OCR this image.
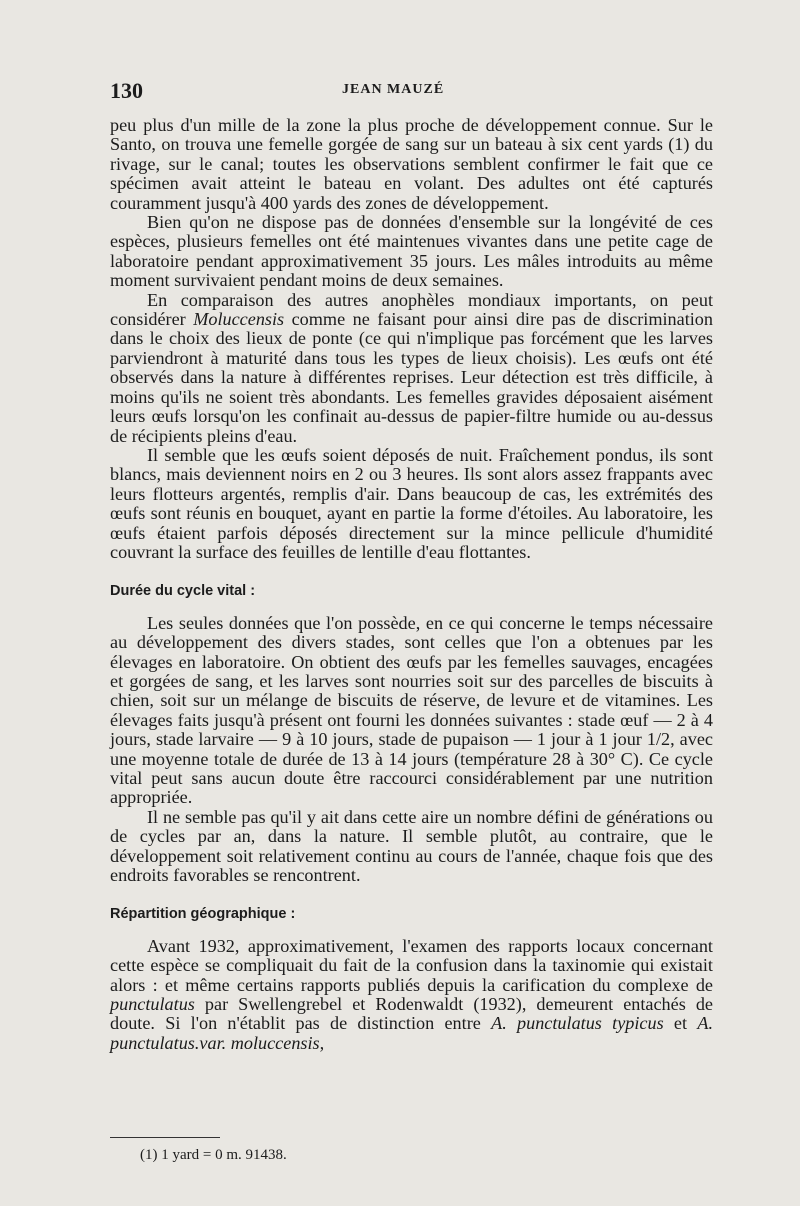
130	JEAN MAUZÉ

peu plus d'un mille de la zone la plus proche de développement connue. Sur le Santo, on trouva une femelle gorgée de sang sur un bateau à six cent yards (1) du rivage, sur le canal; toutes les observations semblent confirmer le fait que ce spécimen avait atteint le bateau en volant. Des adultes ont été capturés couramment jusqu'à 400 yards des zones de développement.

Bien qu'on ne dispose pas de données d'ensemble sur la longévité de ces espèces, plusieurs femelles ont été maintenues vivantes dans une petite cage de laboratoire pendant approximativement 35 jours. Les mâles introduits au même moment survivaient pendant moins de deux semaines.

En comparaison des autres anophèles mondiaux importants, on peut considérer Moluccensis comme ne faisant pour ainsi dire pas de discrimination dans le choix des lieux de ponte (ce qui n'implique pas forcément que les larves parviendront à maturité dans tous les types de lieux choisis). Les œufs ont été observés dans la nature à différentes reprises. Leur détection est très difficile, à moins qu'ils ne soient très abondants. Les femelles gravides déposaient aisément leurs œufs lorsqu'on les confinait au-dessus de papier-filtre humide ou au-dessus de récipients pleins d'eau.

Il semble que les œufs soient déposés de nuit. Fraîchement pondus, ils sont blancs, mais deviennent noirs en 2 ou 3 heures. Ils sont alors assez frappants avec leurs flotteurs argentés, remplis d'air. Dans beaucoup de cas, les extrémités des œufs sont réunis en bouquet, ayant en partie la forme d'étoiles. Au laboratoire, les œufs étaient parfois déposés directement sur la mince pellicule d'humidité couvrant la surface des feuilles de lentille d'eau flottantes.

Durée du cycle vital :

Les seules données que l'on possède, en ce qui concerne le temps nécessaire au développement des divers stades, sont celles que l'on a obtenues par les élevages en laboratoire. On obtient des œufs par les femelles sauvages, encagées et gorgées de sang, et les larves sont nourries soit sur des parcelles de biscuits à chien, soit sur un mélange de biscuits de réserve, de levure et de vitamines. Les élevages faits jusqu'à présent ont fourni les données suivantes : stade œuf — 2 à 4 jours, stade larvaire — 9 à 10 jours, stade de pupaison — 1 jour à 1 jour 1/2, avec une moyenne totale de durée de 13 à 14 jours (température 28 à 30° C). Ce cycle vital peut sans aucun doute être raccourci considérablement par une nutrition appropriée.

Il ne semble pas qu'il y ait dans cette aire un nombre défini de générations ou de cycles par an, dans la nature. Il semble plutôt, au contraire, que le développement soit relativement continu au cours de l'année, chaque fois que des endroits favorables se rencontrent.

Répartition géographique :

Avant 1932, approximativement, l'examen des rapports locaux concernant cette espèce se compliquait du fait de la confusion dans la taxinomie qui existait alors : et même certains rapports publiés depuis la carification du complexe de punctulatus par Swellengrebel et Rodenwaldt (1932), demeurent entachés de doute. Si l'on n'établit pas de distinction entre A. punctulatus typicus et A. punctulatus.var. moluccensis,

(1) 1 yard = 0 m. 91438.
